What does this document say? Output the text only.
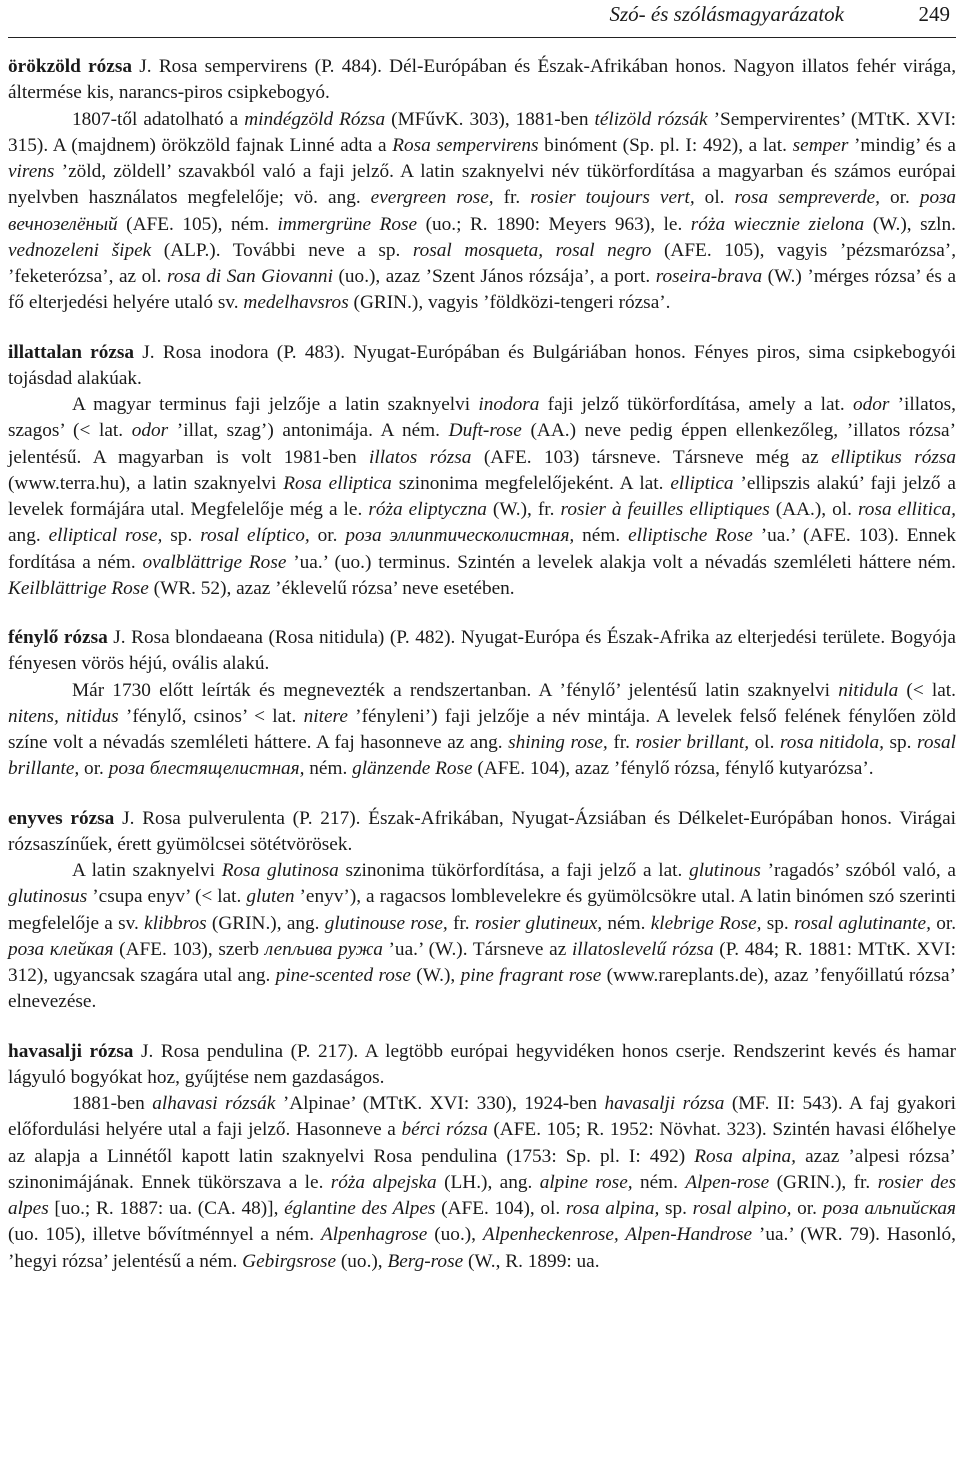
Szó- és szólásmagyarázatok	249

örökzöld rózsa J. Rosa sempervirens (P. 484). Dél-Európában és Észak-Afrikában honos. Nagyon illatos fehér virága, áltermése kis, narancs-piros csipkebogyó.

1807-től adatolható a mindégzöld Rózsa (MFűvK. 303), 1881-ben télizöld rózsák ’Sempervirentes’ (MTtK. XVI: 315). A (majdnem) örökzöld fajnak Linné adta a Rosa sempervirens binóment (Sp. pl. I: 492), a lat. semper ’mindig’ és a virens ’zöld, zöldell’ szavakból való a faji jelző. A latin szaknyelvi név tükörfordítása a magyarban és számos európai nyelvben használatos megfelelője; vö. ang. evergreen rose, fr. rosier toujours vert, ol. rosa sempreverde, or. роза вечнозелёный (AFE. 105), ném. immergrüne Rose (uo.; R. 1890: Meyers 963), le. róża wiecznie zielona (W.), szln. vednozeleni šipek (ALP.). További neve a sp. rosal mosqueta, rosal negro (AFE. 105), vagyis ’pézsmarózsa’, ’feketerózsa’, az ol. rosa di San Giovanni (uo.), azaz ’Szent János rózsája’, a port. roseira-brava (W.) ’mérges rózsa’ és a fő elterjedési helyére utaló sv. medelhavsros (GRIN.), vagyis ’földközi-tengeri rózsa’.

illattalan rózsa J. Rosa inodora (P. 483). Nyugat-Európában és Bulgáriában honos. Fényes piros, sima csipkebogyói tojásdad alakúak.

A magyar terminus faji jelzője a latin szaknyelvi inodora faji jelző tükörfordítása, amely a lat. odor ’illatos, szagos’ (< lat. odor ’illat, szag’) antonimája. A ném. Duft-rose (AA.) neve pedig éppen ellenkezőleg, ’illatos rózsa’ jelentésű. A magyarban is volt 1981-ben illatos rózsa (AFE. 103) társneve. Társneve még az elliptikus rózsa (www.terra.hu), a latin szaknyelvi Rosa elliptica szinonima megfelelőjeként. A lat. elliptica ’ellipszis alakú’ faji jelző a levelek formájára utal. Megfelelője még a le. róża eliptyczna (W.), fr. rosier à feuilles elliptiques (AA.), ol. rosa ellitica, ang. elliptical rose, sp. rosal elíptico, or. роза эллиптическолистная, ném. elliptische Rose ’ua.’ (AFE. 103). Ennek fordítása a ném. ovalblättrige Rose ’ua.’ (uo.) terminus. Szintén a levelek alakja volt a névadás szemléleti háttere ném. Keilblättrige Rose (WR. 52), azaz ’éklevelű rózsa’ neve esetében.

fénylő rózsa J. Rosa blondaeana (Rosa nitidula) (P. 482). Nyugat-Európa és Észak-Afrika az elterjedési területe. Bogyója fényesen vörös héjú, ovális alakú.

Már 1730 előtt leírták és megnevezték a rendszertanban. A ’fénylő’ jelentésű latin szaknyelvi nitidula (< lat. nitens, nitidus ’fénylő, csinos’ < lat. nitere ’fényleni’) faji jelzője a név mintája. A levelek felső felének fénylően zöld színe volt a névadás szemléleti háttere. A faj hasonneve az ang. shining rose, fr. rosier brillant, ol. rosa nitidola, sp. rosal brillante, or. роза блестящелистная, ném. glänzende Rose (AFE. 104), azaz ’fénylő rózsa, fénylő kutyarózsa’.

enyves rózsa J. Rosa pulverulenta (P. 217). Észak-Afrikában, Nyugat-Ázsiában és Délkelet-Európában honos. Virágai rózsaszínűek, érett gyümölcsei sötétvörösek.

A latin szaknyelvi Rosa glutinosa szinonima tükörfordítása, a faji jelző a lat. glutinous ’ragadós’ szóból való, a glutinosus ’csupa enyv’ (< lat. gluten ’enyv’), a ragacsos lomblevelekre és gyümölcsökre utal. A latin binómen szó szerinti megfelelője a sv. klibbros (GRIN.), ang. glutinouse rose, fr. rosier glutineux, ném. klebrige Rose, sp. rosal aglutinante, or. роза клейкая (AFE. 103), szerb лепљива ружа ’ua.’ (W.). Társneve az illatoslevelű rózsa (P. 484; R. 1881: MTtK. XVI: 312), ugyancsak szagára utal ang. pine-scented rose (W.), pine fragrant rose (www.rareplants.de), azaz ’fenyőillatú rózsa’ elnevezése.

havasalji rózsa J. Rosa pendulina (P. 217). A legtöbb európai hegyvidéken honos cserje. Rendszerint kevés és hamar lágyuló bogyókat hoz, gyűjtése nem gazdaságos.

1881-ben alhavasi rózsák ’Alpinae’ (MTtK. XVI: 330), 1924-ben havasalji rózsa (MF. II: 543). A faj gyakori előfordulási helyére utal a faji jelző. Hasonneve a bérci rózsa (AFE. 105; R. 1952: Növhat. 323). Szintén havasi élőhelye az alapja a Linnétől kapott latin szaknyelvi Rosa pendulina (1753: Sp. pl. I: 492) Rosa alpina, azaz ’alpesi rózsa’ szinonimájának. Ennek tükörszava a le. róża alpejska (LH.), ang. alpine rose, ném. Alpen-rose (GRIN.), fr. rosier des alpes [uo.; R. 1887: ua. (CA. 48)], églantine des Alpes (AFE. 104), ol. rosa alpina, sp. rosal alpino, or. роза альпийская (uo. 105), illetve bővítménnyel a ném. Alpenhagrose (uo.), Alpenheckenrose, Alpen-Handrose ’ua.’ (WR. 79). Hasonló, ’hegyi rózsa’ jelentésű a ném. Gebirgsrose (uo.), Berg-rose (W., R. 1899: ua.
